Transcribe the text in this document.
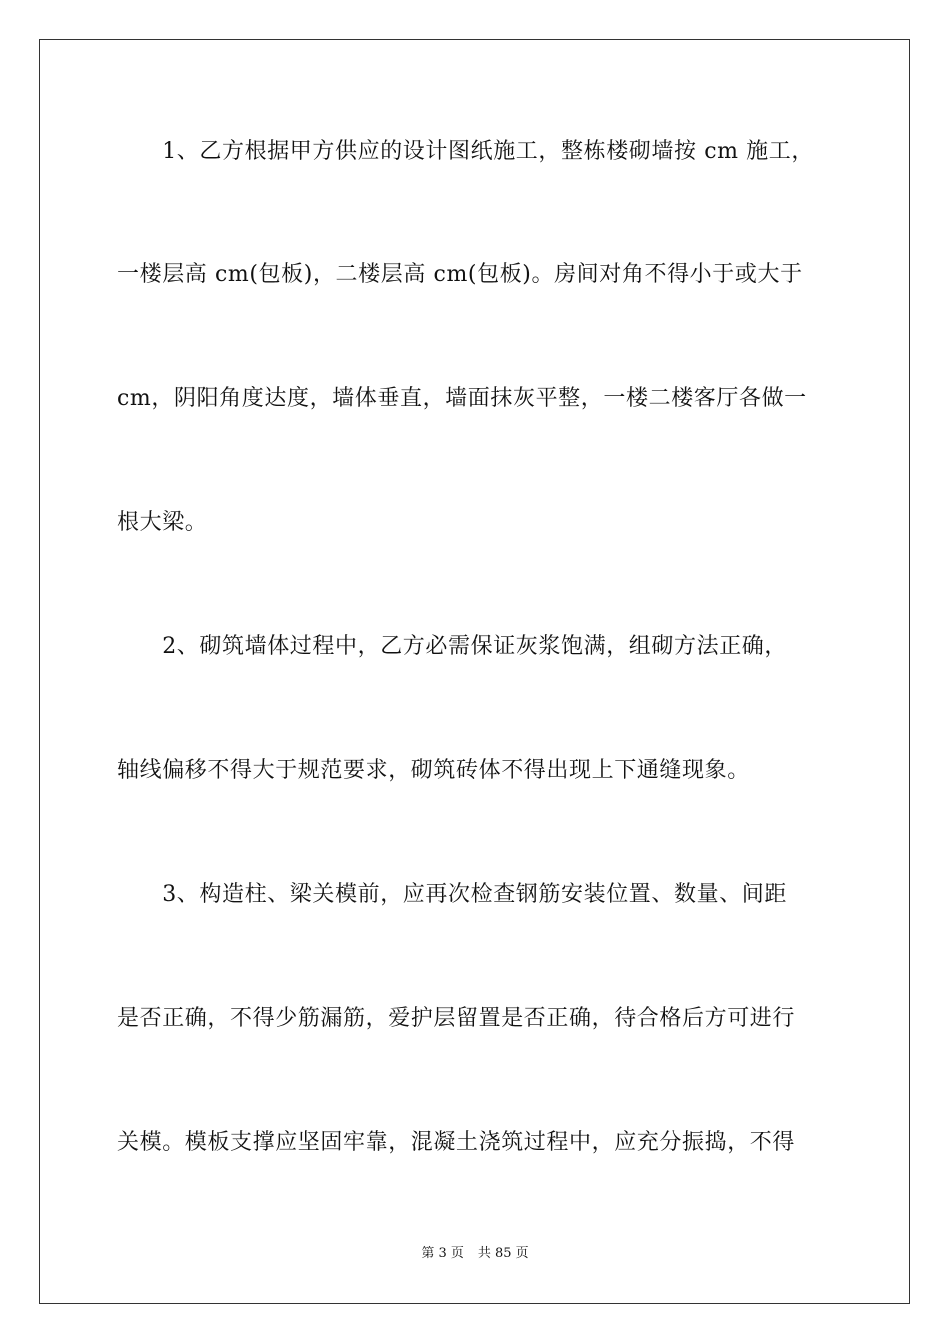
　　1、乙方根据甲方供应的设计图纸施工，整栋楼砌墙按 cm 施工，
一楼层高 cm(包板)，二楼层高 cm(包板)。房间对角不得小于或大于
cm，阴阳角度达度，墙体垂直，墙面抹灰平整，一楼二楼客厅各做一
根大梁。
　　2、砌筑墙体过程中，乙方必需保证灰浆饱满，组砌方法正确，
轴线偏移不得大于规范要求，砌筑砖体不得出现上下通缝现象。
　　3、构造柱、梁关模前，应再次检查钢筋安装位置、数量、间距
是否正确，不得少筋漏筋，爱护层留置是否正确，待合格后方可进行
关模。模板支撑应坚固牢靠，混凝土浇筑过程中，应充分振捣，不得
第 3 页 共 85 页
